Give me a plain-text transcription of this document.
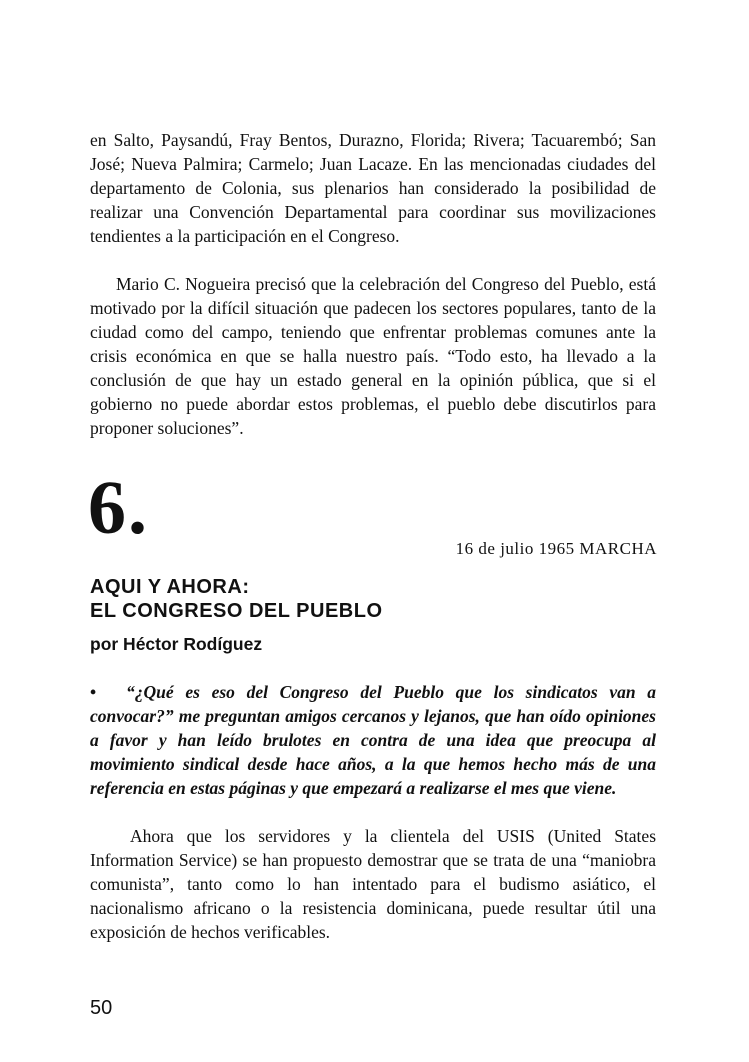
en Salto, Paysandú, Fray Bentos, Durazno, Florida; Rivera; Tacuarembó; San José; Nueva Palmira; Carmelo; Juan Lacaze. En las mencionadas ciudades del departamento de Colonia, sus plenarios han considerado la posibilidad de realizar una Convención Departamental para coordinar sus movilizaciones tendientes a la participación en el Congreso.

Mario C. Nogueira precisó que la celebración del Congreso del Pueblo, está motivado por la difícil situación que padecen los sectores populares, tanto de la ciudad como del campo, teniendo que enfrentar problemas comunes ante la crisis económica en que se halla nuestro país. “Todo esto, ha llevado a la conclusión de que hay un estado general en la opinión pública, que si el gobierno no puede abordar estos problemas, el pueblo debe discutirlos para proponer soluciones”.

6.	16 de julio 1965 MARCHA

AQUI Y AHORA:
EL CONGRESO DEL PUEBLO

por Héctor Rodíguez

• “¿Qué es eso del Congreso del Pueblo que los sindicatos van a convocar?” me preguntan amigos cercanos y lejanos, que han oído opiniones a favor y han leído brulotes en contra de una idea que preocupa al movimiento sindical desde hace años, a la que hemos hecho más de una referencia en estas páginas y que empezará a realizarse el mes que viene.

Ahora que los servidores y la clientela del USIS (United States Information Service) se han propuesto demostrar que se trata de una “maniobra comunista”, tanto como lo han intentado para el budismo asiático, el nacionalismo africano o la resistencia dominicana, puede resultar útil una exposición de hechos verificables.

50
